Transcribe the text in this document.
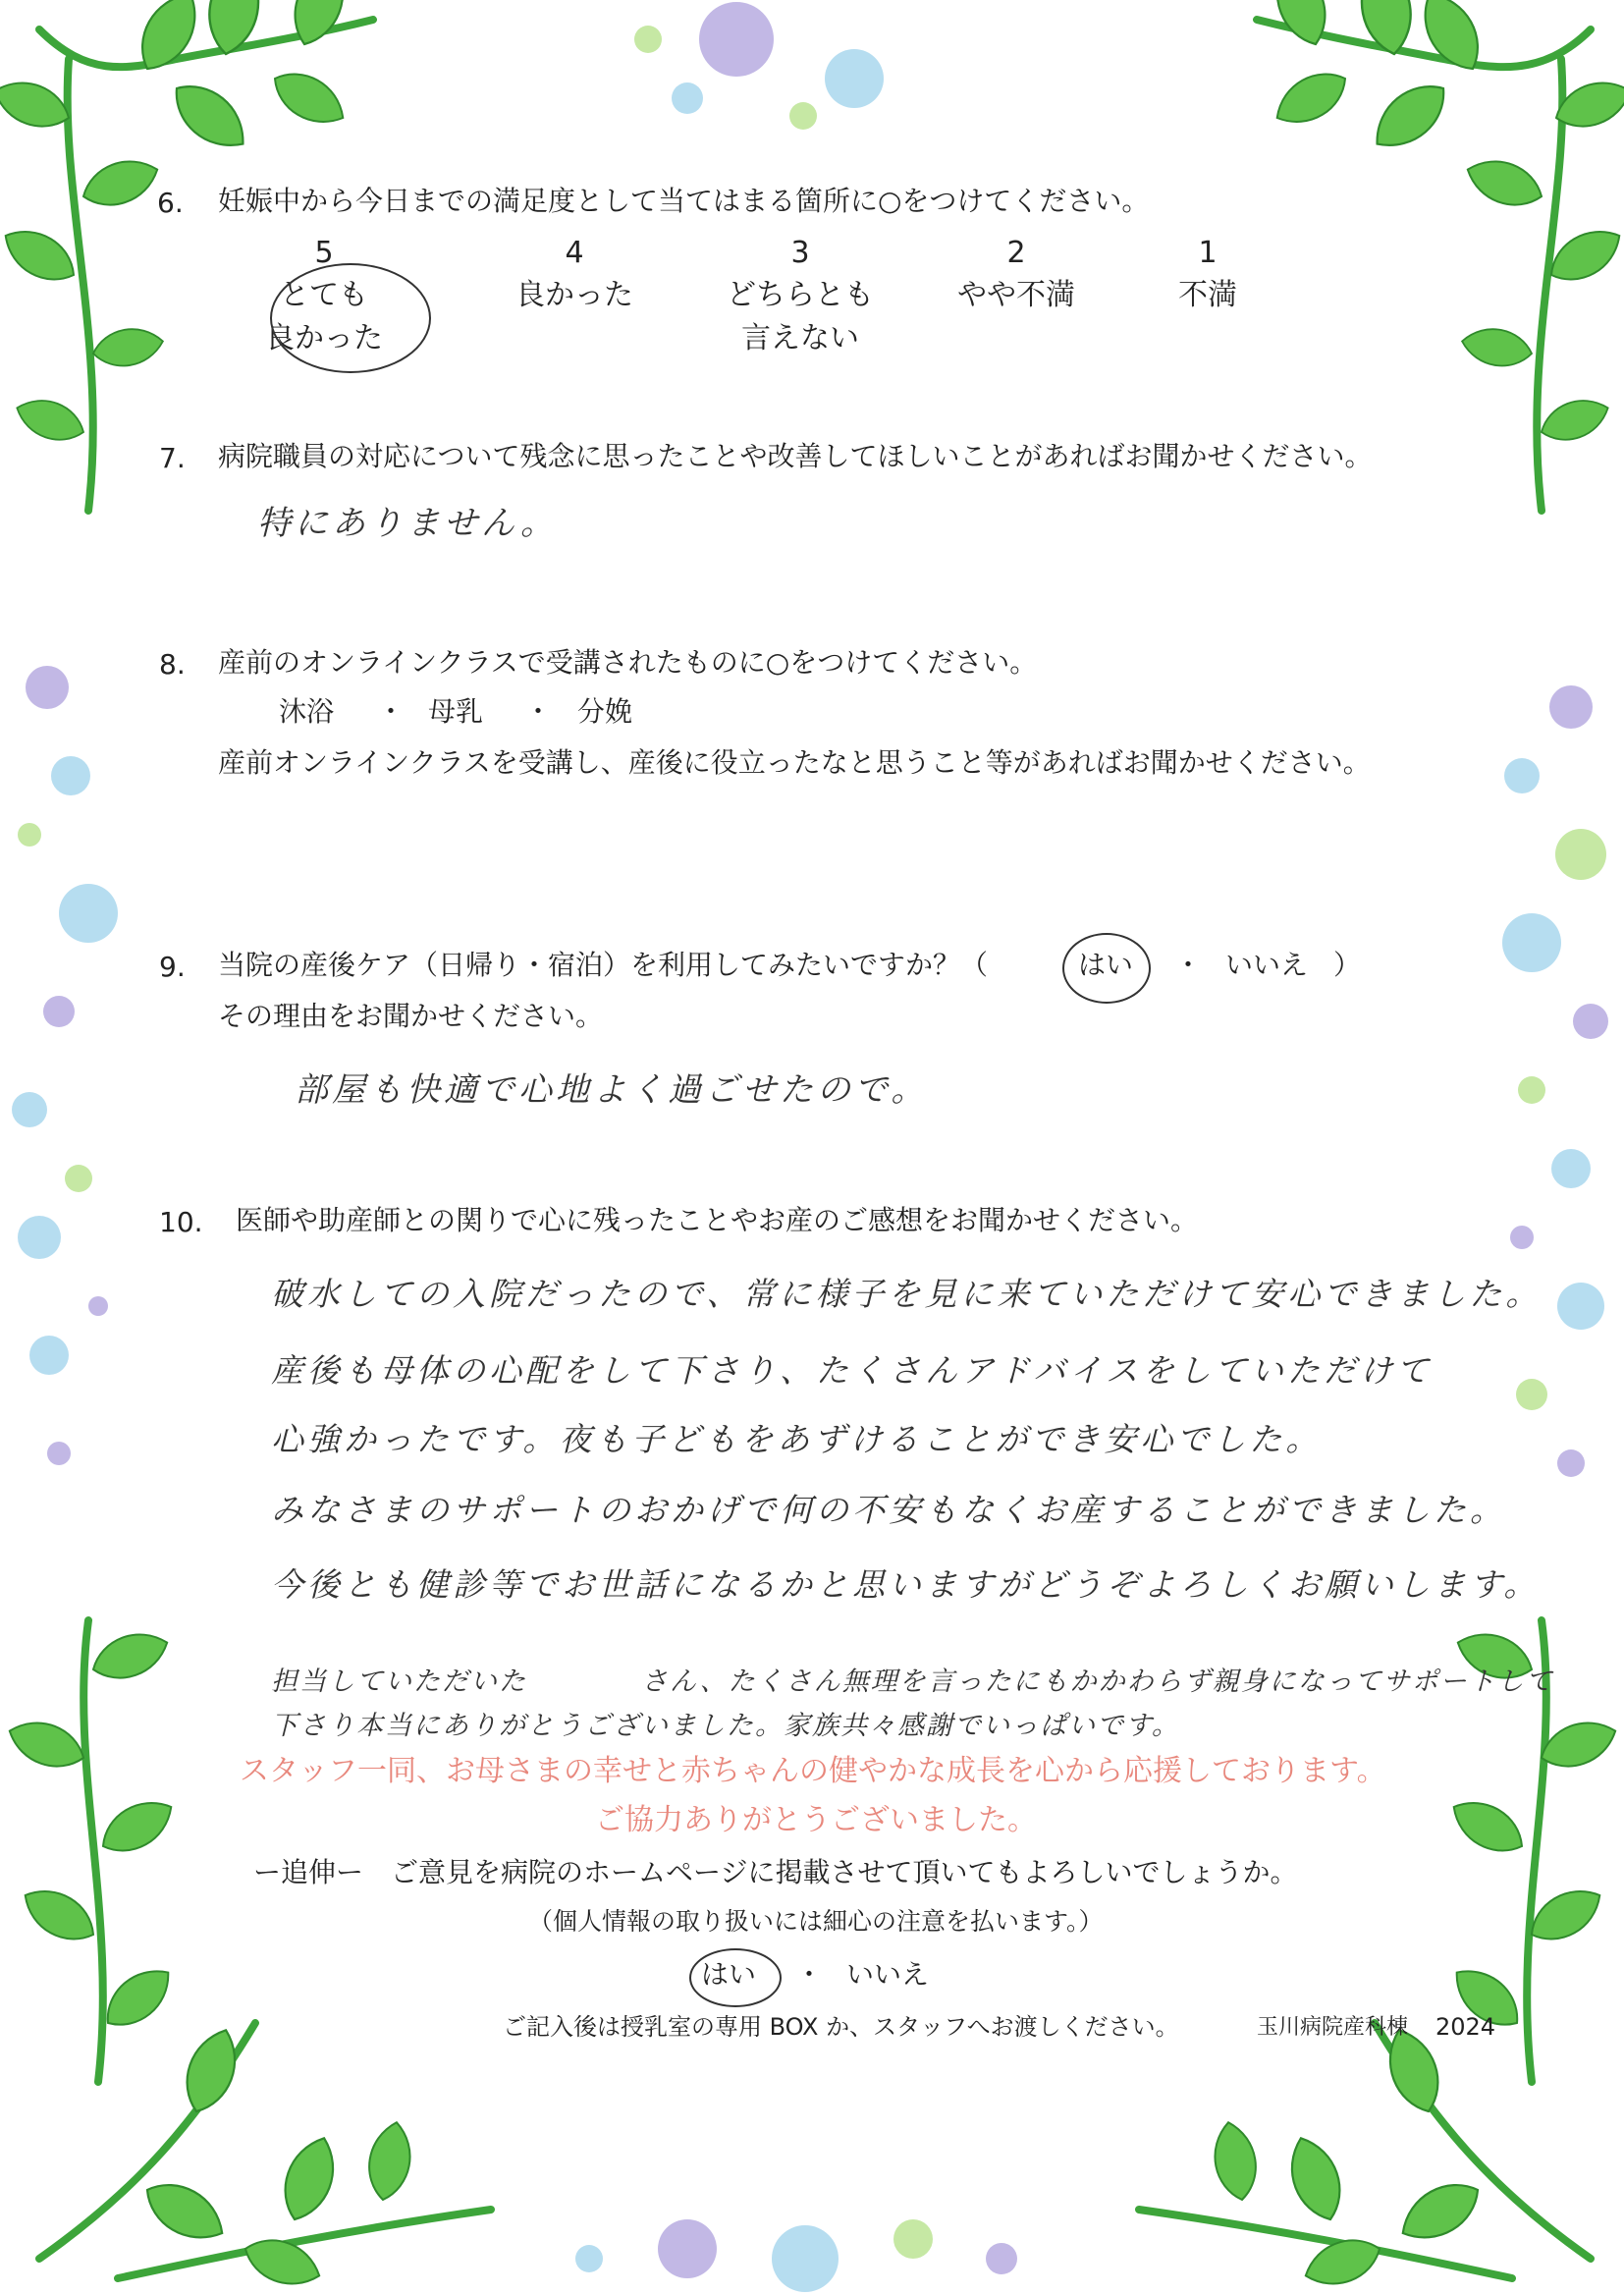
6. 妊娠中から今日までの満足度として当てはまる箇所に○をつけてください。
5
とても
良かった
4
良かった
3
どちらとも
言えない
2
やや不満
1
不満
7. 病院職員の対応について残念に思ったことや改善してほしいことがあればお聞かせください。
特にありません。
8. 産前のオンラインクラスで受講されたものに○をつけてください。
沐浴 ・ 母乳 ・ 分娩
産前オンラインクラスを受講し、産後に役立ったなと思うこと等があればお聞かせください。
9. 当院の産後ケア（日帰り・宿泊）を利用してみたいですか？（	はい ・ いいえ ）
その理由をお聞かせください。
部屋も快適で心地よく過ごせたので。
10. 医師や助産師との関りで心に残ったことやお産のご感想をお聞かせください。
破水しての入院だったので、常に様子を見に来ていただけて安心できました。
産後も母体の心配をして下さり、たくさんアドバイスをしていただけて
心強かったです。夜も子どもをあずけることができ安心でした。
みなさまのサポートのおかげで何の不安もなくお産することができました。
今後とも健診等でお世話になるかと思いますがどうぞよろしくお願いします。
担当していただいた　　　　さん、たくさん無理を言ったにもかかわらず親身になってサポートして
下さり本当にありがとうございました。家族共々感謝でいっぱいです。
スタッフ一同、お母さまの幸せと赤ちゃんの健やかな成長を心から応援しております。
ご協力ありがとうございました。
ー追伸ー　ご意見を病院のホームページに掲載させて頂いてもよろしいでしょうか。
（個人情報の取り扱いには細心の注意を払います。）
はい ・ いいえ
ご記入後は授乳室の専用 BOX か、スタッフへお渡しください。	玉川病院産科棟 2024
